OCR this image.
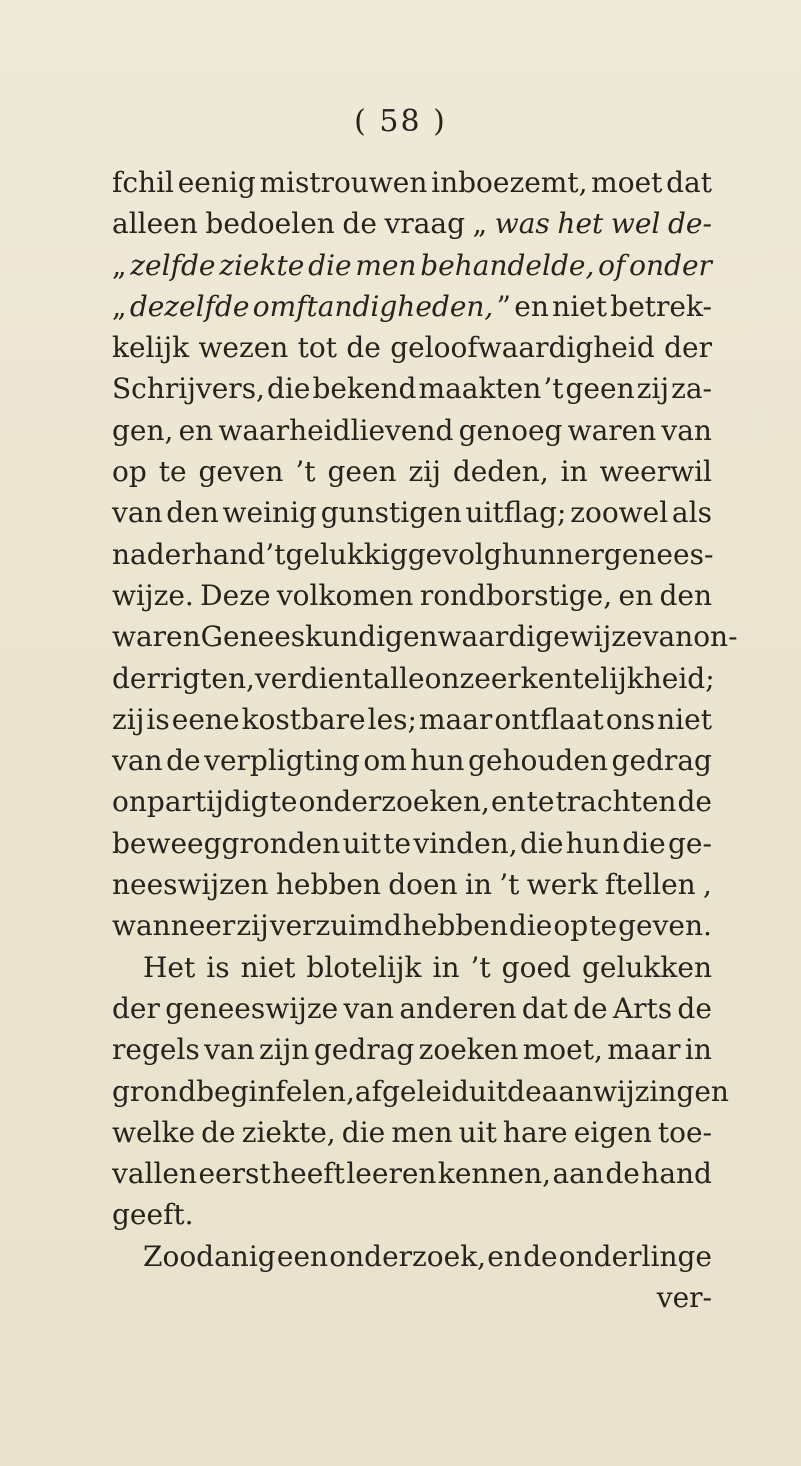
( 58 )
fchil eenig mistrouwen inboezemt, moet dat
alleen bedoelen de vraag „ was het wel de-
„ zelfde ziekte die men behandelde, of onder
„ dezelfde omftandigheden, ” en niet betrek-
kelijk wezen tot de geloofwaardigheid der
Schrijvers, die bekend maakten ’t geen zij za-
gen, en waarheidlievend genoeg waren van
op te geven ’t geen zij deden, in weerwil
van den weinig gunstigen uitflag; zoowel als
naderhand ’t gelukkig gevolg hunner genees-
wijze. Deze volkomen rondborstige, en den
waren Geneeskundigen waardige wijze van on-
derrigten, verdient alle onze erkentelijkheid;
zij is eene kostbare les; maar ontflaat ons niet
van de verpligting om hun gehouden gedrag
onpartijdig te onderzoeken, en te trachten de
beweeggronden uit te vinden, die hun die ge-
neeswijzen hebben doen in ’t werk ftellen ,
wanneer zij verzuimd hebben die op te geven.
Het is niet blotelijk in ’t goed gelukken
der geneeswijze van anderen dat de Arts de
regels van zijn gedrag zoeken moet, maar in
grondbeginfelen, afgeleid uit de aanwijzingen
welke de ziekte, die men uit hare eigen toe-
vallen eerst heeft leeren kennen, aan de hand
geeft.
Zoodanig een onderzoek, en de onderlinge
ver-
